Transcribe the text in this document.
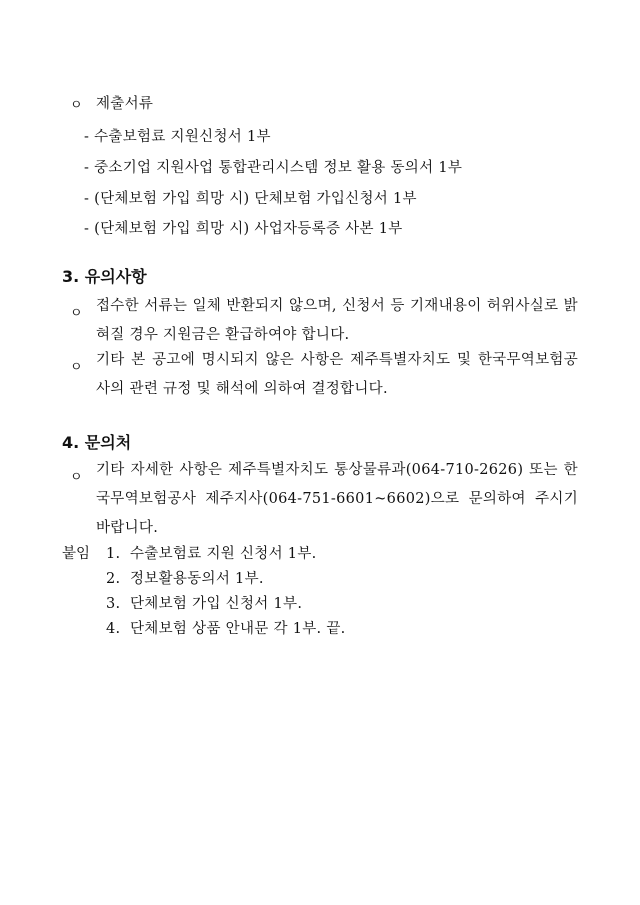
ㅇ 제출서류
- 수출보험료 지원신청서 1부
- 중소기업 지원사업 통합관리시스템 정보 활용 동의서 1부
- (단체보험 가입 희망 시) 단체보험 가입신청서 1부
- (단체보험 가입 희망 시) 사업자등록증 사본 1부
3. 유의사항
ㅇ 접수한 서류는 일체 반환되지 않으며, 신청서 등 기재내용이 허위사실로 밝혀질 경우 지원금은 환급하여야 합니다.
ㅇ 기타 본 공고에 명시되지 않은 사항은 제주특별자치도 및 한국무역보험공사의 관련 규정 및 해석에 의하여 결정합니다.
4. 문의처
ㅇ 기타 자세한 사항은 제주특별자치도 통상물류과(064-710-2626) 또는 한국무역보험공사 제주지사(064-751-6601~6602)으로 문의하여 주시기 바랍니다.
붙임 1. 수출보험료 지원 신청서 1부.
2. 정보활용동의서 1부.
3. 단체보험 가입 신청서 1부.
4. 단체보험 상품 안내문 각 1부. 끝.
